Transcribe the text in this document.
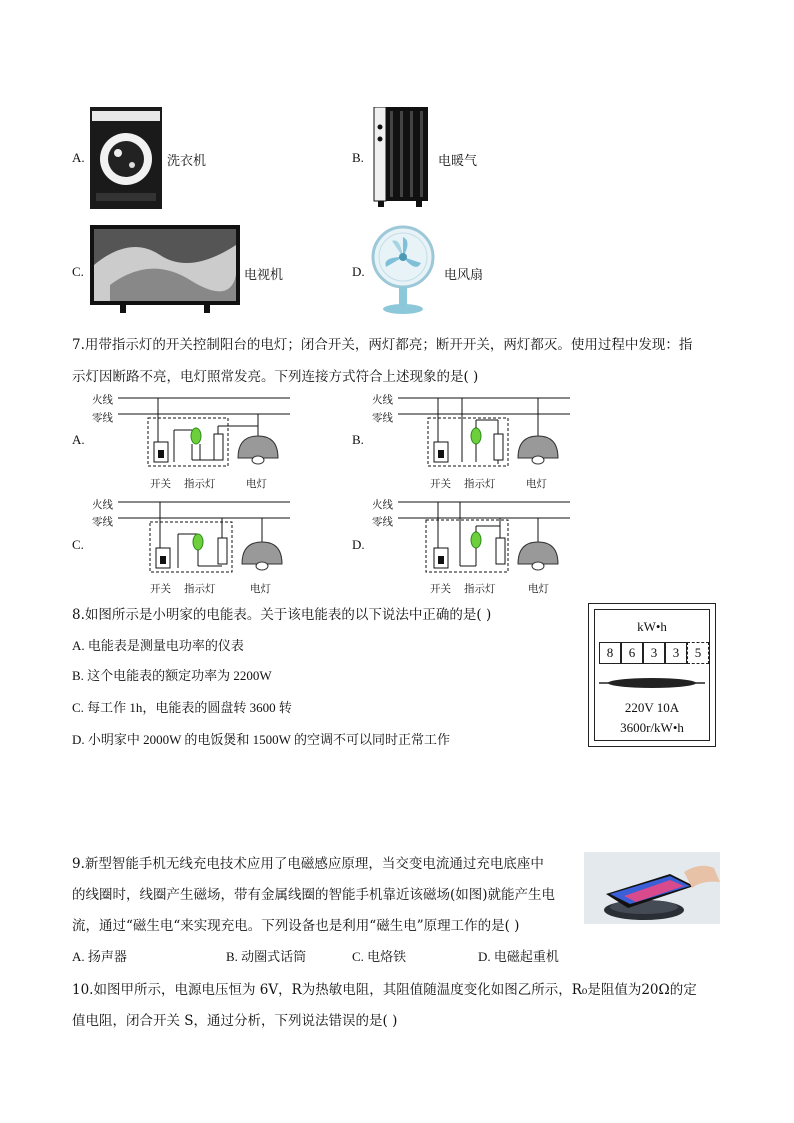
A.	洗衣机	B.	电暖气
C.	电视机	D.	电风扇
7.用带指示灯的开关控制阳台的电灯；闭合开关，两灯都亮；断开开关，两灯都灭。使用过程中发现：指
示灯因断路不亮，电灯照常发亮。下列连接方式符合上述现象的是( )
A.
火线
零线
开关 指示灯	电灯
B.
火线
零线
开关 指示灯	电灯
C.
火线
零线
开关 指示灯	电灯
D.
火线
零线
开关 指示灯	电灯
8.如图所示是小明家的电能表。关于该电能表的以下说法中正确的是( )
A. 电能表是测量电功率的仪表
B. 这个电能表的额定功率为 2200W
C. 每工作 1h，电能表的圆盘转 3600 转
D. 小明家中 2000W 的电饭煲和 1500W 的空调不可以同时正常工作
kW•h
8	6	3	3	5
220V 10A
3600r/kW•h
9.新型智能手机无线充电技术应用了电磁感应原理，当交变电流通过充电底座中
的线圈时，线圈产生磁场，带有金属线圈的智能手机靠近该磁场(如图)就能产生电
流，通过“磁生电“来实现充电。下列设备也是利用“磁生电”原理工作的是( )
A. 扬声器	B. 动圈式话筒	C. 电烙铁	D. 电磁起重机
10.如图甲所示，电源电压恒为 6V，R为热敏电阻，其阻值随温度变化如图乙所示，R₀是阻值为20Ω的定
值电阻，闭合开关 S，通过分析，下列说法错误的是( )
